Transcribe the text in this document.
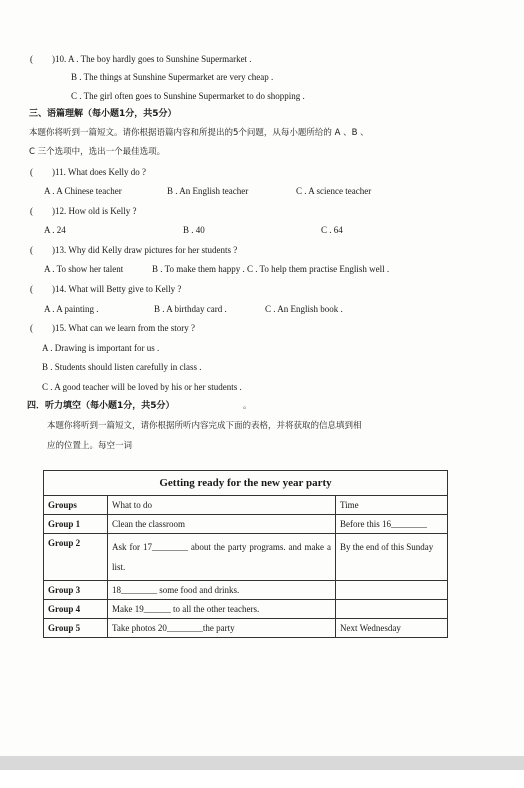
( )10. A . The boy hardly goes to Sunshine Supermarket .
B . The things at Sunshine Supermarket are very cheap .
C . The girl often goes to Sunshine Supermarket to do shopping .
三、语篇理解（每小题1分，共5分）
本题你将听到一篇短文。请你根据语篇内容和所提出的5个问题，从每小题所给的 A 、B 、
C 三个选项中，选出一个最佳选项。
( )11. What does Kelly do ?
A . A Chinese teacher	B . An English teacher	C . A science teacher
( )12. How old is Kelly ?
A . 24	B . 40	C . 64
( )13. Why did Kelly draw pictures for her students ?
A . To show her talent	B . To make them happy . C . To help them practise English well .
( )14. What will Betty give to Kelly ?
A . A painting .	B . A birthday card .	C . An English book .
( )15. What can we learn from the story ?
A . Drawing is important for us .
B . Students should listen carefully in class .
C . A good teacher will be loved by his or her students .
四．听力填空（每小题1分，共5分）	。
本题你将听到一篇短文，请你根据所听内容完成下面的表格，并将获取的信息填到相
应的位置上。每空一词
Getting ready for the new year party		
Groups	What to do	Time
Group 1	Clean the classroom	Before this 16________
Group 2	Ask for 17________ about the party programs. and make a list.	By the end of this Sunday
Group 3	18________ some food and drinks.	
Group 4	Make 19______ to all the other teachers.	
Group 5	Take photos 20________the party	Next Wednesday
